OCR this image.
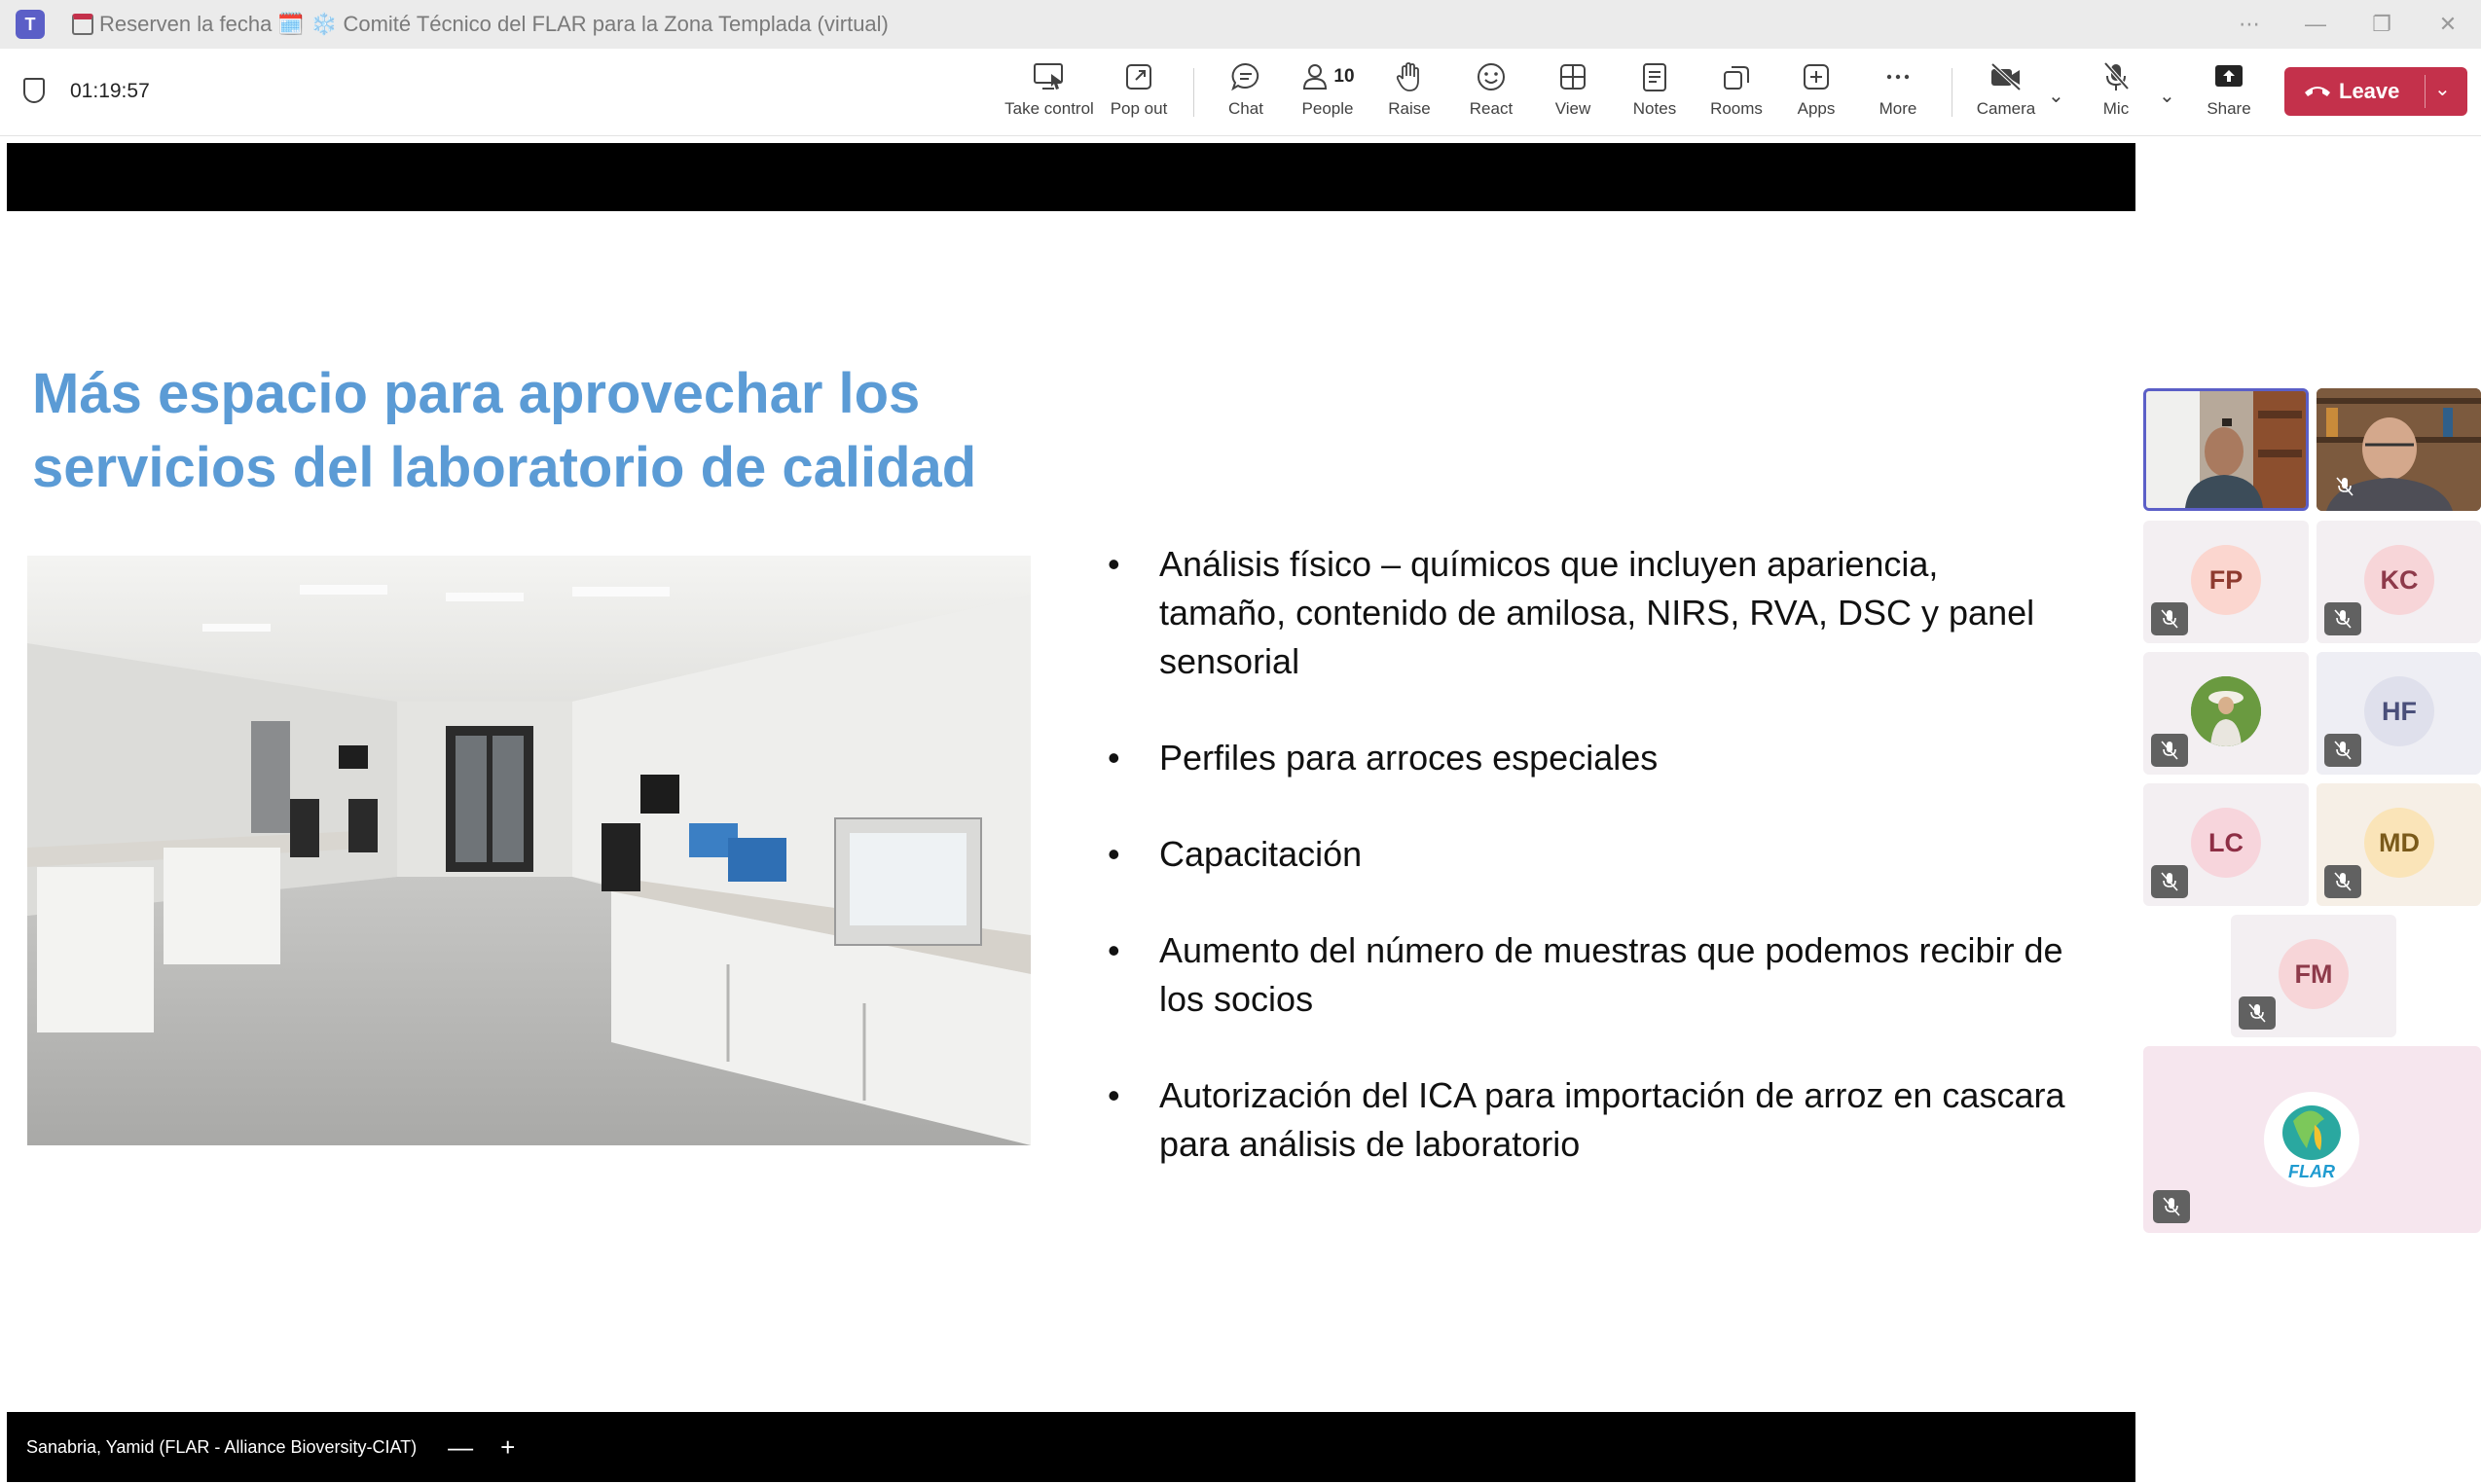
T	Reserven la fecha 🗓️ ❄️ Comité Técnico del FLAR para la Zona Templada (virtual)	⋯	—	❐	✕
01:19:57
Take control Pop out	Chat
10
People Raise React	View	Notes Rooms Apps	More	Camera
⌄
Mic
⌄
Share
Leave ⌄
Más espacio para aprovechar los servicios del laboratorio de calidad
• Análisis físico – químicos que incluyen apariencia, tamaño, contenido de amilosa, NIRS, RVA, DSC y panel sensorial
• Perfiles para arroces especiales
• Capacitación
• Aumento del número de muestras que podemos recibir de los socios
• Autorización del ICA para importación de arroz en cascara para análisis de laboratorio
Sanabria, Yamid (FLAR - Alliance Bioversity-CIAT) — +
FP	KC
HF
LC	MD
FM
FLAR
